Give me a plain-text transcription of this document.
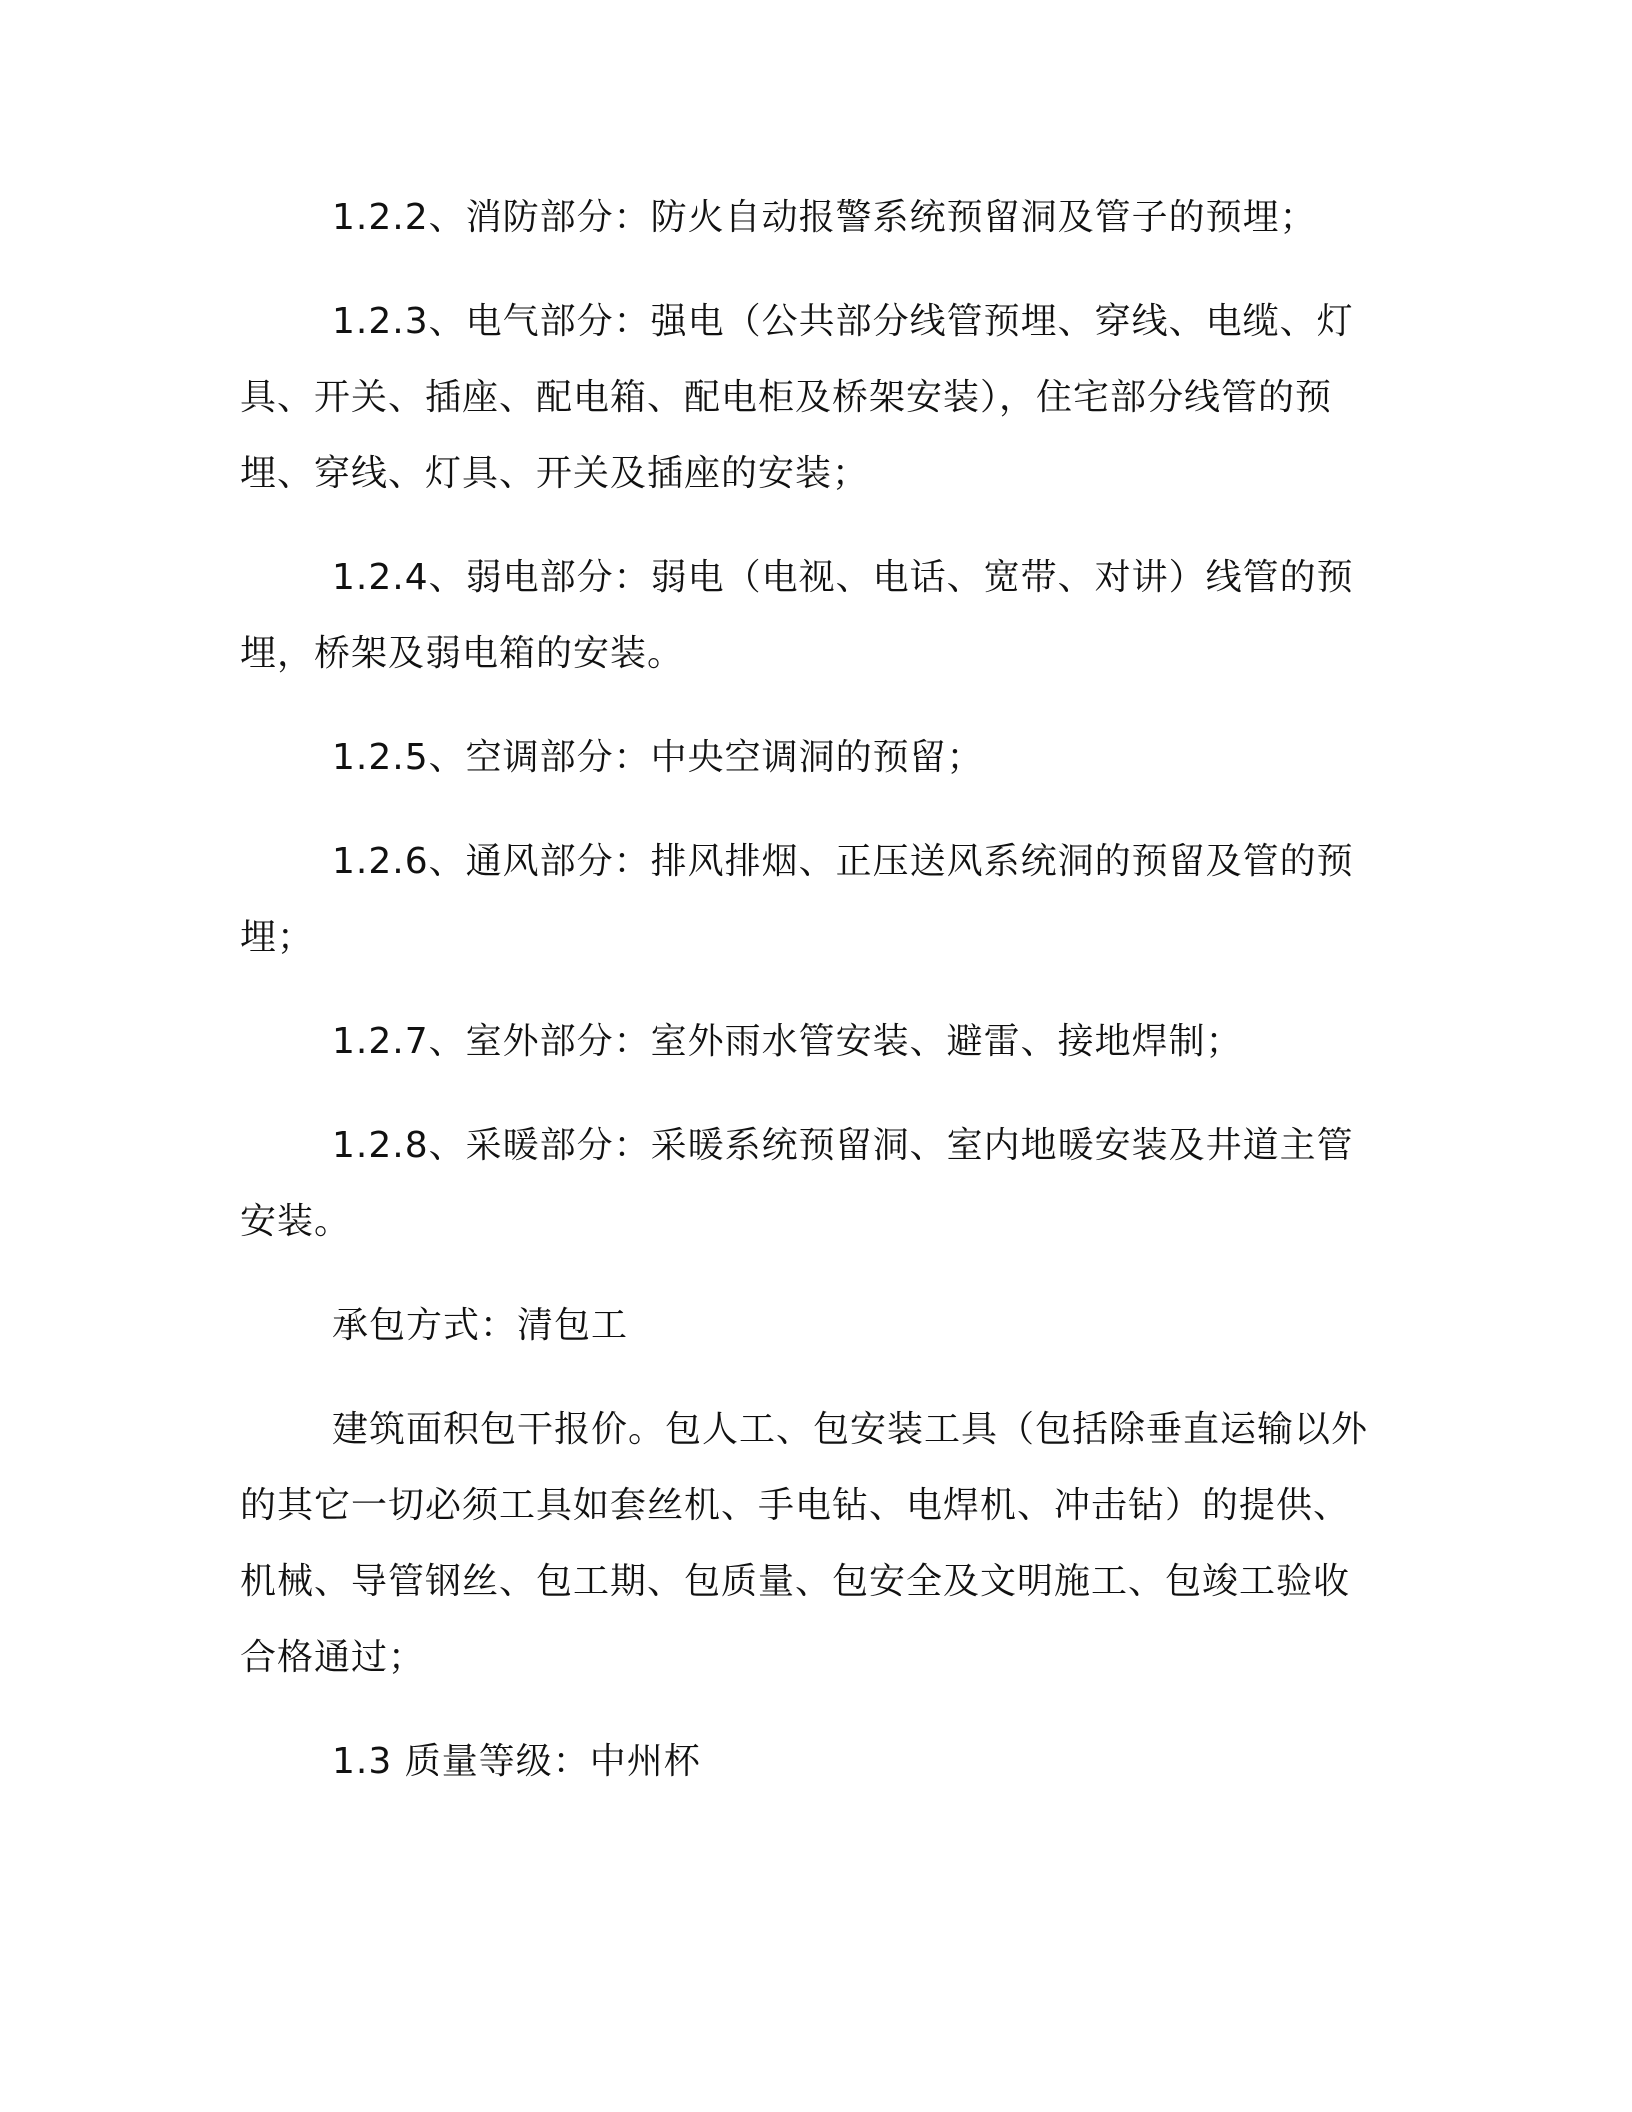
1.2.2、消防部分：防火自动报警系统预留洞及管子的预埋；

1.2.3、电气部分：强电（公共部分线管预埋、穿线、电缆、灯具、开关、插座、配电箱、配电柜及桥架安装），住宅部分线管的预埋、穿线、灯具、开关及插座的安装；

1.2.4、弱电部分：弱电（电视、电话、宽带、对讲）线管的预埋，桥架及弱电箱的安装。

1.2.5、空调部分：中央空调洞的预留；

1.2.6、通风部分：排风排烟、正压送风系统洞的预留及管的预埋；

1.2.7、室外部分：室外雨水管安装、避雷、接地焊制；

1.2.8、采暖部分：采暖系统预留洞、室内地暖安装及井道主管安装。

承包方式：清包工

建筑面积包干报价。包人工、包安装工具（包括除垂直运输以外的其它一切必须工具如套丝机、手电钻、电焊机、冲击钻）的提供、机械、导管钢丝、包工期、包质量、包安全及文明施工、包竣工验收合格通过；

1.3 质量等级：中州杯
